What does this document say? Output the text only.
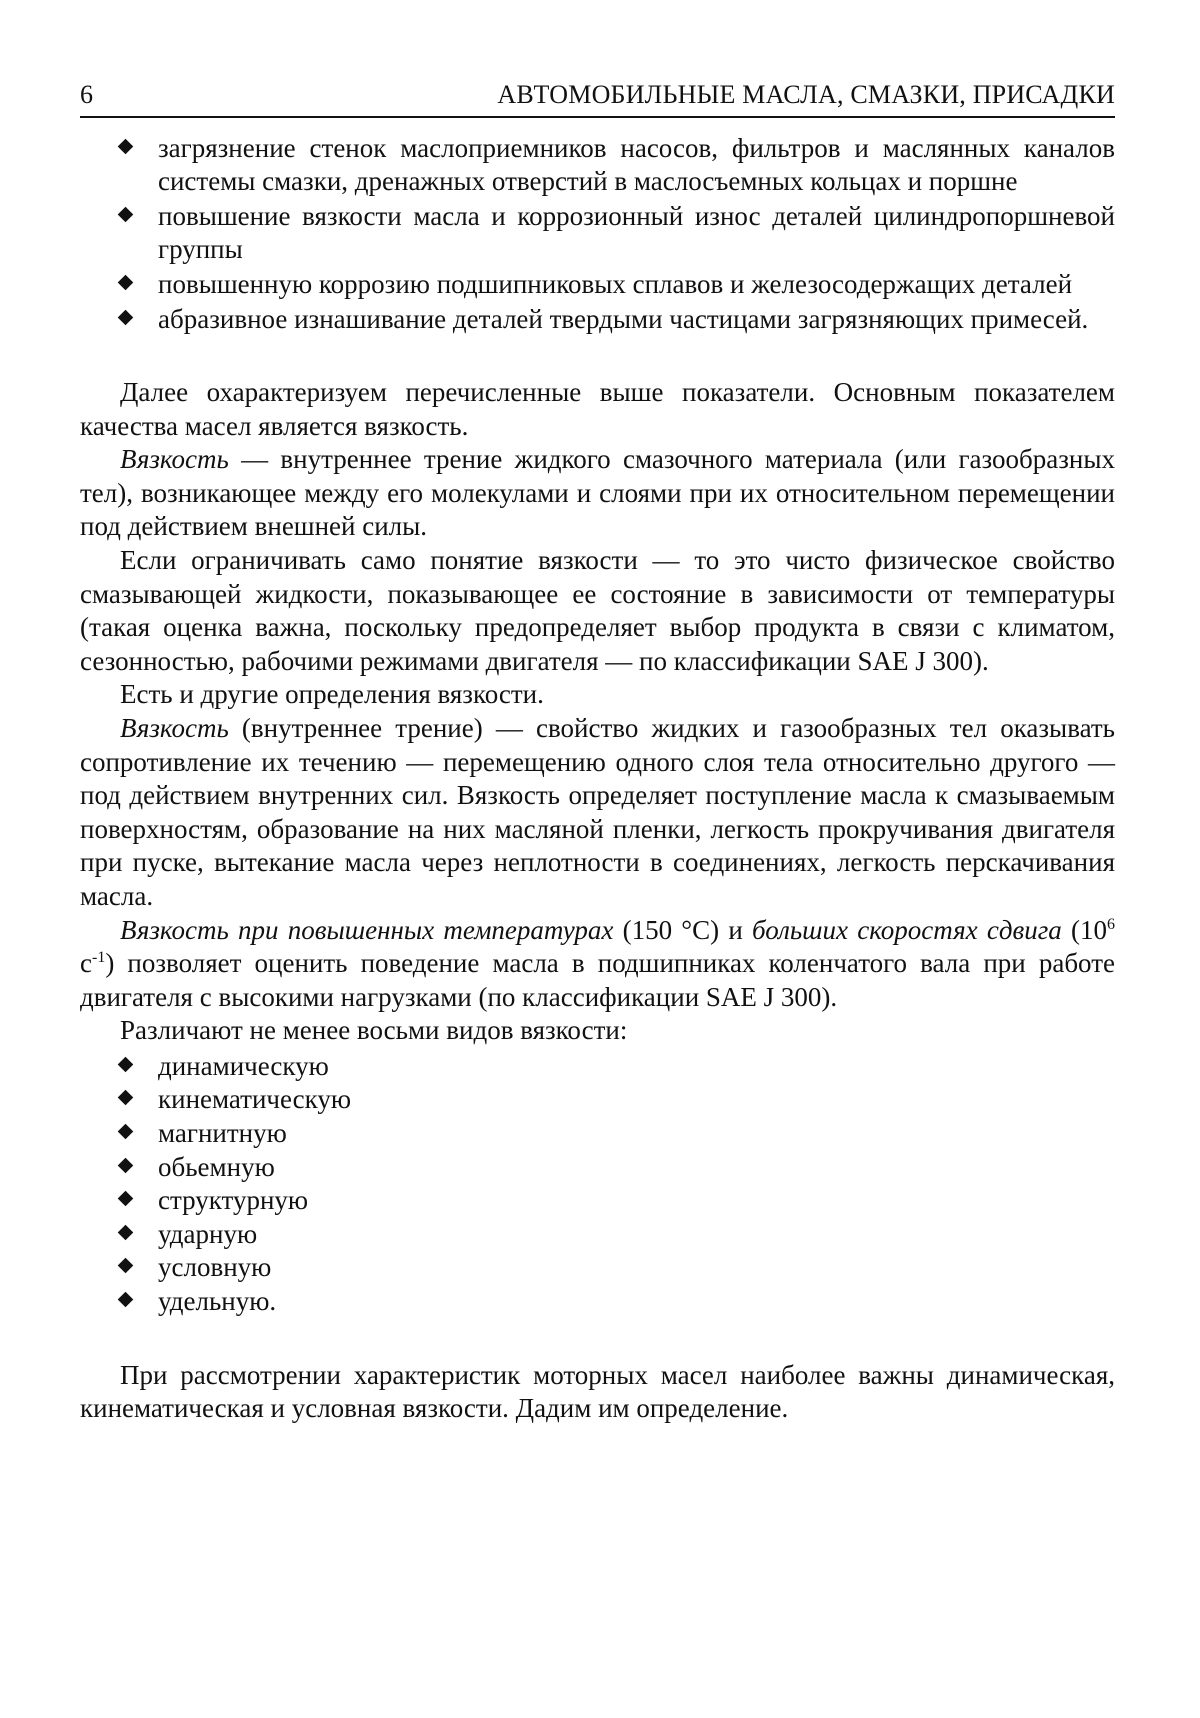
6	АВТОМОБИЛЬНЫЕ МАСЛА, СМАЗКИ, ПРИСАДКИ
загрязнение стенок маслоприемников насосов, фильтров и маслянных каналов системы смазки, дренажных отверстий в маслосъемных кольцах и поршне
повышение вязкости масла и коррозионный износ деталей цилиндропоршневой группы
повышенную коррозию подшипниковых сплавов и железосодержащих деталей
абразивное изнашивание деталей твердыми частицами загрязняющих примесей.

Далее охарактеризуем перечисленные выше показатели. Основным показателем качества масел является вязкость.

Вязкость — внутреннее трение жидкого смазочного материала (или газообразных тел), возникающее между его молекулами и слоями при их относительном перемещении под действием внешней силы.

Если ограничивать само понятие вязкости — то это чисто физическое свойство смазывающей жидкости, показывающее ее состояние в зависимости от температуры (такая оценка важна, поскольку предопределяет выбор продукта в связи с климатом, сезонностью, рабочими режимами двигателя — по классификации SAE J 300).

Есть и другие определения вязкости.

Вязкость (внутреннее трение) — свойство жидких и газообразных тел оказывать сопротивление их течению — перемещению одного слоя тела относительно другого — под действием внутренних сил. Вязкость определяет поступление масла к смазываемым поверхностям, образование на них масляной пленки, легкость прокручивания двигателя при пуске, вытекание масла через неплотности в соединениях, легкость перскачивания масла.

Вязкость при повышенных температурах (150 °С) и больших скоростях сдвига ($10^6$ $с^{-1}$) позволяет оценить поведение масла в подшипниках коленчатого вала при работе двигателя с высокими нагрузками (по классификации SAE J 300).

Различают не менее восьми видов вязкости:

динамическую
кинематическую
магнитную
обьемную
структурную
ударную
условную
удельную.

При рассмотрении характеристик моторных масел наиболее важны динамическая, кинематическая и условная вязкости. Дадим им определение.
